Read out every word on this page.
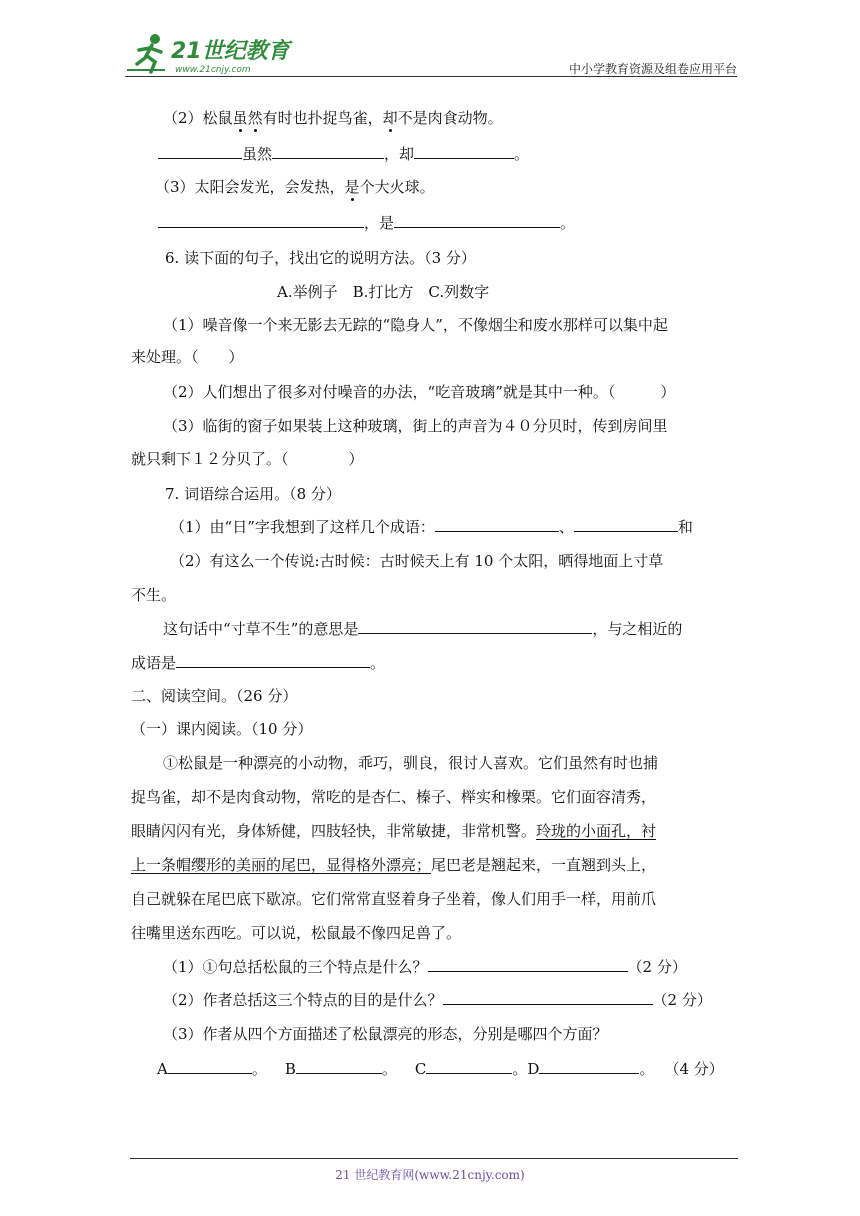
21世纪教育
www.21cnjy.com	中小学教育资源及组卷应用平台
（2）松鼠虽然有时也扑捉鸟雀，却不是肉食动物。
虽然	，却	。
（3）太阳会发光，会发热，是个大火球。
，是	。
6. 读下面的句子，找出它的说明方法。（3 分）
A.举例子　B.打比方　C.列数字
（1）噪音像一个来无影去无踪的“隐身人”，不像烟尘和废水那样可以集中起
来处理。（　　）
（2）人们想出了很多对付噪音的办法，“吃音玻璃”就是其中一种。（　　　）
（3）临街的窗子如果装上这种玻璃，街上的声音为４０分贝时，传到房间里
就只剩下１２分贝了。（　　　　）
7. 词语综合运用。（8 分）
（1）由“日”字我想到了这样几个成语：	、	和
（2）有这么一个传说:古时候：古时候天上有 10 个太阳，晒得地面上寸草
不生。
这句话中“寸草不生”的意思是	，与之相近的
成语是	。
二、阅读空间。（26 分）
（一）课内阅读。（10 分）
①松鼠是一种漂亮的小动物，乖巧，驯良，很讨人喜欢。它们虽然有时也捕
捉鸟雀，却不是肉食动物，常吃的是杏仁、榛子、榉实和橡栗。它们面容清秀，
眼睛闪闪有光，身体矫健，四肢轻快，非常敏捷，非常机警。玲珑的小面孔，衬
上一条帽缨形的美丽的尾巴，显得格外漂亮；尾巴老是翘起来，一直翘到头上，
自己就躲在尾巴底下歇凉。它们常常直竖着身子坐着，像人们用手一样，用前爪
往嘴里送东西吃。可以说，松鼠最不像四足兽了。
（1）①句总括松鼠的三个特点是什么？	（2 分）
（2）作者总括这三个特点的目的是什么？	（2 分）
（3）作者从四个方面描述了松鼠漂亮的形态，分别是哪四个方面？
A	。 B	。 C	。D	。 （4 分）
21 世纪教育网(www.21cnjy.com)
